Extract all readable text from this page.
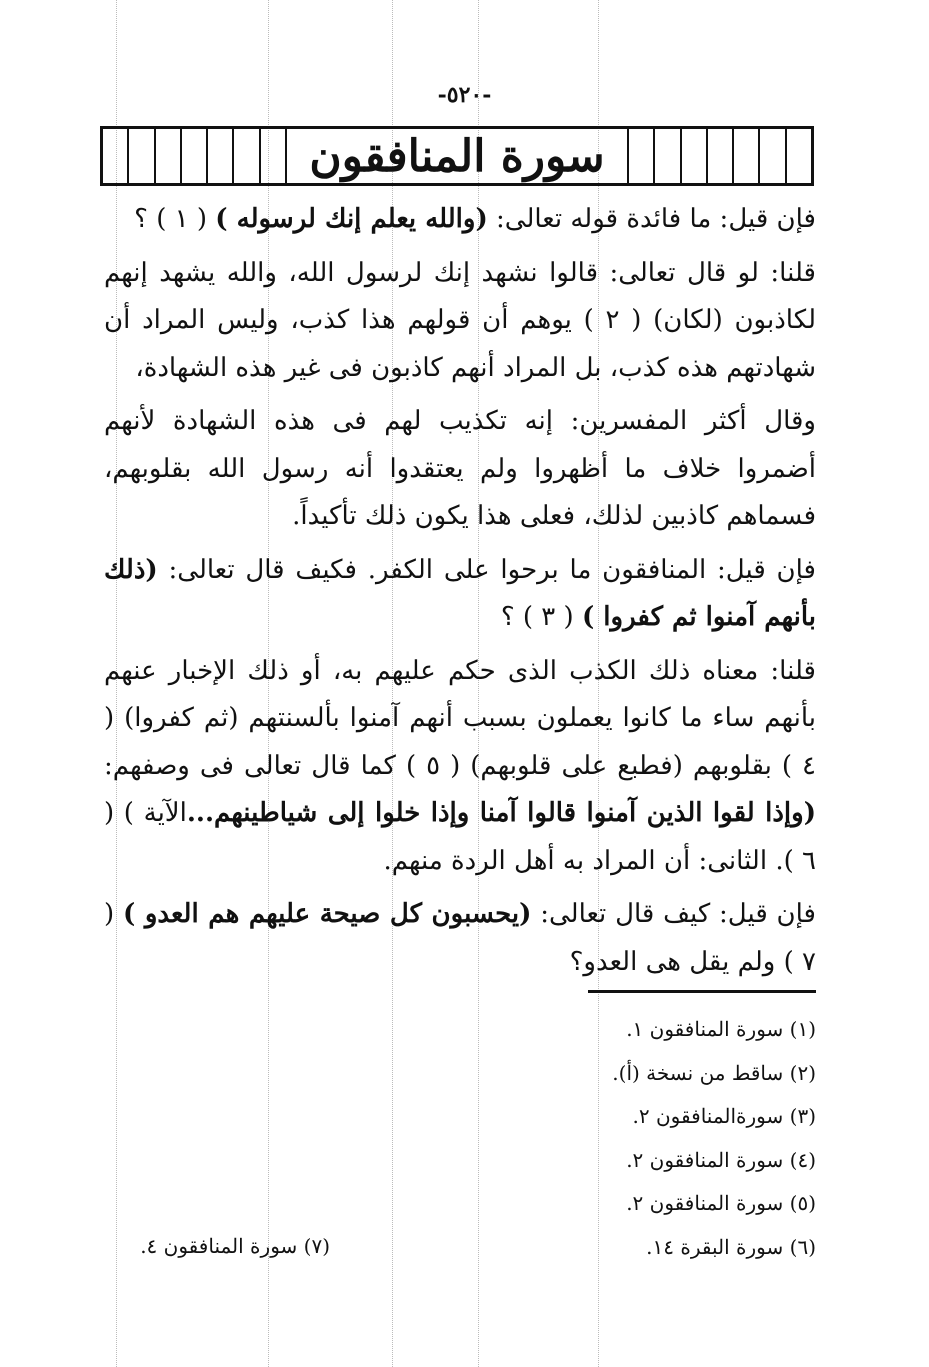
-٥٢٠-
سورة المنافقون

فإن قيل: ما فائدة قوله تعالى: (والله يعلم إنك لرسوله ) ( ١ ) ؟

قلنا: لو قال تعالى: قالوا نشهد إنك لرسول الله، والله يشهد إنهم لكاذبون (لكان) ( ٢ ) يوهم أن قولهم هذا كذب، وليس المراد أن شهادتهم هذه كذب، بل المراد أنهم كاذبون فى غير هذه الشهادة،

وقال أكثر المفسرين: إنه تكذيب لهم فى هذه الشهادة لأنهم أضمروا خلاف ما أظهروا ولم يعتقدوا أنه رسول الله بقلوبهم، فسماهم كاذبين لذلك، فعلى هذا يكون ذلك تأكيداً.

فإن قيل: المنافقون ما برحوا على الكفر. فكيف قال تعالى: (ذلك بأنهم آمنوا ثم كفروا ) ( ٣ ) ؟

قلنا: معناه ذلك الكذب الذى حكم عليهم به، أو ذلك الإخبار عنهم بأنهم ساء ما كانوا يعملون بسبب أنهم آمنوا بألسنتهم (ثم كفروا) ( ٤ ) بقلوبهم (فطبع على قلوبهم) ( ٥ ) كما قال تعالى فى وصفهم: (وإذا لقوا الذين آمنوا قالوا آمنا وإذا خلوا إلى شياطينهم...الآية ) ( ٦ ). الثانى: أن المراد به أهل الردة منهم.

فإن قيل: كيف قال تعالى: (يحسبون كل صيحة عليهم هم العدو ) ( ٧ ) ولم يقل هى العدو؟

(١) سورة المنافقون ١.
(٢) ساقط من نسخة (أ).
(٣) سورةالمنافقون ٢.
(٤) سورة المنافقون ٢.
(٥) سورة المنافقون ٢.
(٦) سورة البقرة ١٤.
(٧) سورة المنافقون ٤.
